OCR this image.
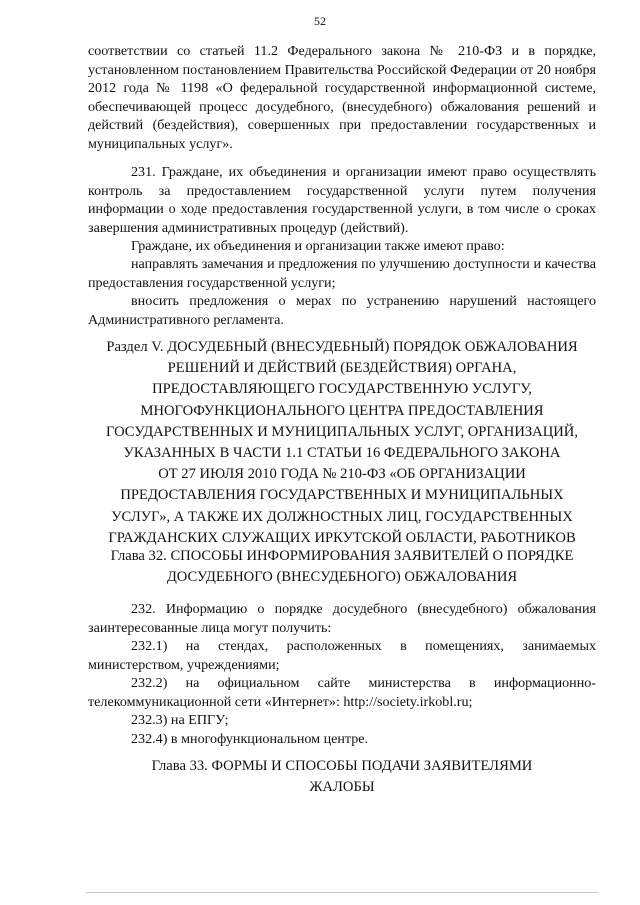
52

соответствии со статьей 11.2 Федерального закона № 210-ФЗ и в порядке, установленном постановлением Правительства Российской Федерации от 20 ноября 2012 года № 1198 «О федеральной государственной информационной системе, обеспечивающей процесс досудебного, (внесудебного) обжалования решений и действий (бездействия), совершенных при предоставлении государственных и муниципальных услуг».

231. Граждане, их объединения и организации имеют право осуществлять контроль за предоставлением государственной услуги путем получения информации о ходе предоставления государственной услуги, в том числе о сроках завершения административных процедур (действий).

Граждане, их объединения и организации также имеют право:

направлять замечания и предложения по улучшению доступности и качества предоставления государственной услуги;

вносить предложения о мерах по устранению нарушений настоящего Административного регламента.

Раздел V. ДОСУДЕБНЫЙ (ВНЕСУДЕБНЫЙ) ПОРЯДОК ОБЖАЛОВАНИЯ
РЕШЕНИЙ И ДЕЙСТВИЙ (БЕЗДЕЙСТВИЯ) ОРГАНА,
ПРЕДОСТАВЛЯЮЩЕГО ГОСУДАРСТВЕННУЮ УСЛУГУ,
МНОГОФУНКЦИОНАЛЬНОГО ЦЕНТРА ПРЕДОСТАВЛЕНИЯ
ГОСУДАРСТВЕННЫХ И МУНИЦИПАЛЬНЫХ УСЛУГ, ОРГАНИЗАЦИЙ,
УКАЗАННЫХ В ЧАСТИ 1.1 СТАТЬИ 16 ФЕДЕРАЛЬНОГО ЗАКОНА
ОТ 27 ИЮЛЯ 2010 ГОДА № 210-ФЗ «ОБ ОРГАНИЗАЦИИ
ПРЕДОСТАВЛЕНИЯ ГОСУДАРСТВЕННЫХ И МУНИЦИПАЛЬНЫХ
УСЛУГ», А ТАКЖЕ ИХ ДОЛЖНОСТНЫХ ЛИЦ, ГОСУДАРСТВЕННЫХ
ГРАЖДАНСКИХ СЛУЖАЩИХ ИРКУТСКОЙ ОБЛАСТИ, РАБОТНИКОВ
Глава 32. СПОСОБЫ ИНФОРМИРОВАНИЯ ЗАЯВИТЕЛЕЙ О ПОРЯДКЕ
ДОСУДЕБНОГО (ВНЕСУДЕБНОГО) ОБЖАЛОВАНИЯ

232. Информацию о порядке досудебного (внесудебного) обжалования заинтересованные лица могут получить:

232.1) на стендах, расположенных в помещениях, занимаемых министерством, учреждениями;

232.2) на официальном сайте министерства в информационно-телекоммуникационной сети «Интернет»: http://society.irkobl.ru;

232.3) на ЕПГУ;

232.4) в многофункциональном центре.

Глава 33. ФОРМЫ И СПОСОБЫ ПОДАЧИ ЗАЯВИТЕЛЯМИ
ЖАЛОБЫ
